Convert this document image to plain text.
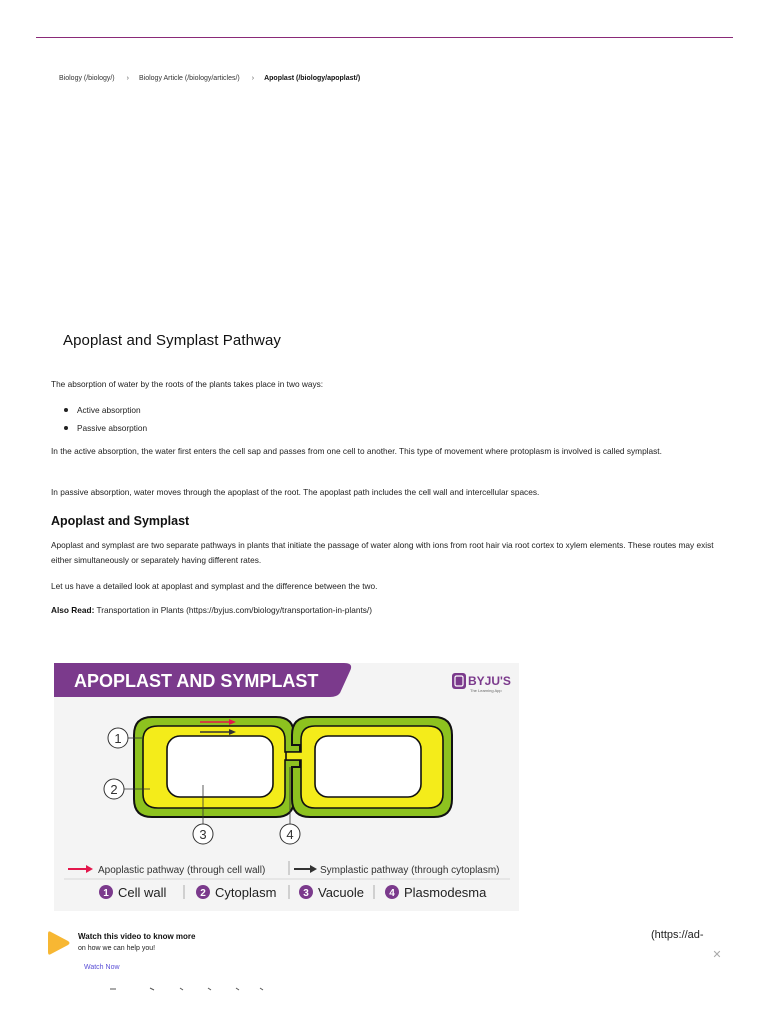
Biology (/biology/) › Biology Article (/biology/articles/) › Apoplast (/biology/apoplast/)
Apoplast and Symplast Pathway

The absorption of water by the roots of the plants takes place in two ways:

Active absorption
Passive absorption

In the active absorption, the water first enters the cell sap and passes from one cell to another. This type of movement where protoplasm is involved is called symplast.

In passive absorption, water moves through the apoplast of the root. The apoplast path includes the cell wall and intercellular spaces.

Apoplast and Symplast

Apoplast and symplast are two separate pathways in plants that initiate the passage of water along with ions from root hair via root cortex to xylem elements. These routes may exist either simultaneously or separately having different rates.

Let us have a detailed look at apoplast and symplast and the difference between the two.

Also Read: Transportation in Plants (https://byjus.com/biology/transportation-in-plants/)
APOPLAST AND SYMPLAST	BYJU'S
The Learning App
1
2
3	4
Apoplastic pathway (through cell wall)	Symplastic pathway (through cytoplasm)
1 Cell wall	2 Cytoplasm	3 Vacuole	4 Plasmodesma
Watch this video to know more
on how we can help you!
Watch Now
(https://ad-
✕
